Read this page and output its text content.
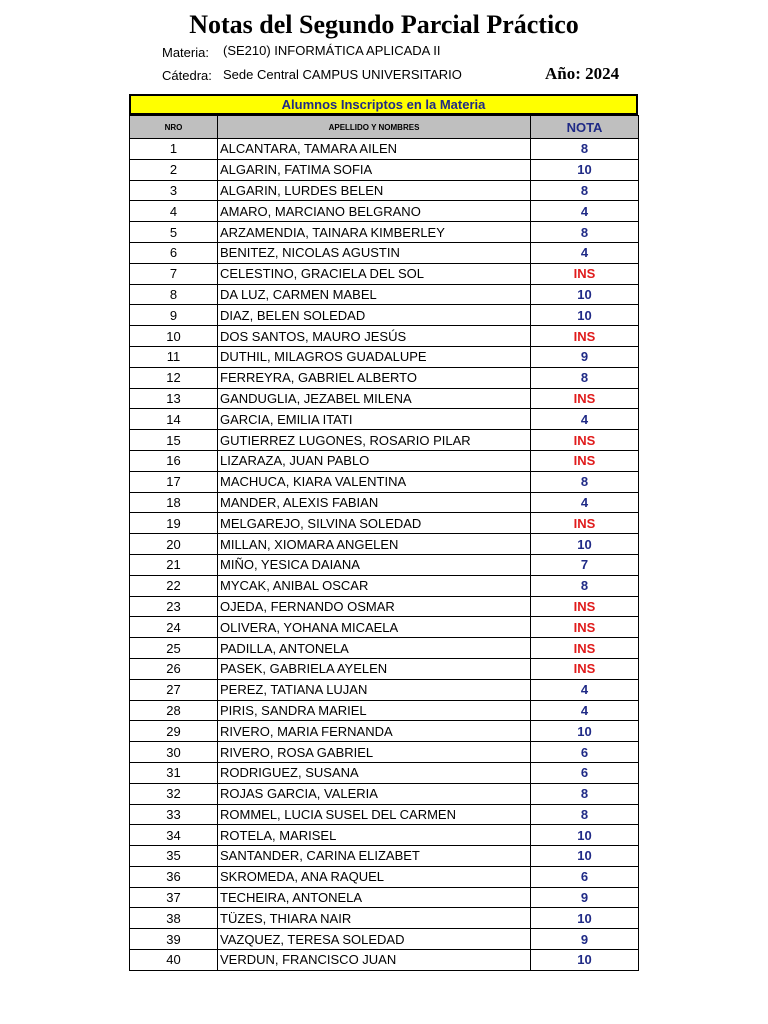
Notas del Segundo Parcial Práctico
Materia: (SE210) INFORMÁTICA APLICADA II
Cátedra: Sede Central CAMPUS UNIVERSITARIO	Año: 2024
Alumnos Inscriptos en la Materia
NRO	APELLIDO Y NOMBRES	NOTA
1	ALCANTARA, TAMARA AILEN	8
2	ALGARIN, FATIMA SOFIA	10
3	ALGARIN, LURDES BELEN	8
4	AMARO, MARCIANO BELGRANO	4
5	ARZAMENDIA, TAINARA KIMBERLEY	8
6	BENITEZ, NICOLAS AGUSTIN	4
7	CELESTINO, GRACIELA DEL SOL	INS
8	DA LUZ, CARMEN MABEL	10
9	DIAZ, BELEN SOLEDAD	10
10	DOS SANTOS, MAURO JESÚS	INS
11	DUTHIL, MILAGROS GUADALUPE	9
12	FERREYRA, GABRIEL ALBERTO	8
13	GANDUGLIA, JEZABEL MILENA	INS
14	GARCIA, EMILIA ITATI	4
15	GUTIERREZ LUGONES, ROSARIO PILAR	INS
16	LIZARAZA, JUAN PABLO	INS
17	MACHUCA, KIARA VALENTINA	8
18	MANDER, ALEXIS FABIAN	4
19	MELGAREJO, SILVINA SOLEDAD	INS
20	MILLAN, XIOMARA ANGELEN	10
21	MIÑO, YESICA DAIANA	7
22	MYCAK, ANIBAL OSCAR	8
23	OJEDA, FERNANDO OSMAR	INS
24	OLIVERA, YOHANA MICAELA	INS
25	PADILLA, ANTONELA	INS
26	PASEK, GABRIELA AYELEN	INS
27	PEREZ, TATIANA LUJAN	4
28	PIRIS, SANDRA MARIEL	4
29	RIVERO, MARIA FERNANDA	10
30	RIVERO, ROSA GABRIEL	6
31	RODRIGUEZ, SUSANA	6
32	ROJAS GARCIA, VALERIA	8
33	ROMMEL, LUCIA SUSEL DEL CARMEN	8
34	ROTELA, MARISEL	10
35	SANTANDER, CARINA ELIZABET	10
36	SKROMEDA, ANA RAQUEL	6
37	TECHEIRA, ANTONELA	9
38	TÜZES, THIARA NAIR	10
39	VAZQUEZ, TERESA SOLEDAD	9
40	VERDUN, FRANCISCO JUAN	10
